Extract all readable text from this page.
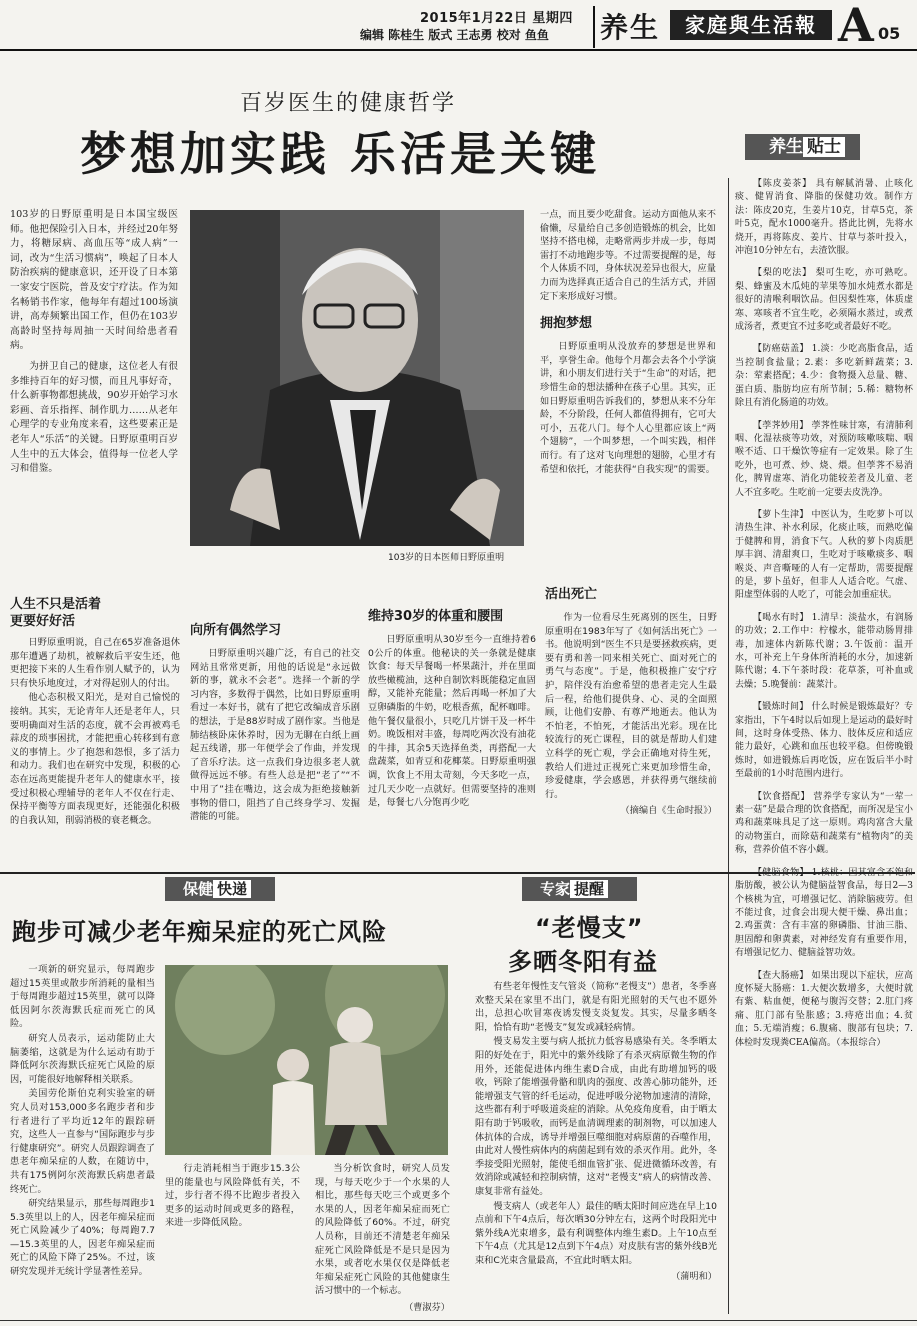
2015年1月22日 星期四
编辑 陈桂生 版式 王志勇 校对 鱼鱼 养生	家庭與生活報 A 05
百岁医生的健康哲学
梦想加实践 乐活是关键

103岁的日野原重明是日本国宝级医师。他把保险引入日本，并经过20年努力，将糖尿病、高血压等“成人病”一词，改为“生活习惯病”，唤起了日本人防治疾病的健康意识，还开设了日本第一家安宁医院，普及安宁疗法。作为知名畅销书作家，他每年有超过100场演讲，高寿频繁出国工作，但仍在103岁高龄时坚持每周抽一天时间给患者看病。

为拼卫自己的健康，这位老人有很多维持百年的好习惯，而且凡事好奇，什么新事物都想挑战，90岁开始学习水彩画、音乐指挥、制作肌力……从老年心理学的专业角度来看，这些要素正是老年人“乐活”的关键。日野原重明百岁人生中的五大体会，值得每一位老人学习和借鉴。

103岁的日本医师日野原重明
人生不只是活着
更要好好活

日野原重明说，自己在65岁准备退休那年遭遇了劫机，被解救后平安生还，他更把接下来的人生看作别人赋予的，认为只有快乐地度过，才对得起别人的付出。

他心态积极又阳光，是对自己愉悦的接纳。其实，无论青年人还是老年人，只要明确面对生活的态度，就不会再被鸡毛蒜皮的琐事困扰，才能把重心转移到有意义的事情上。少了抱怨和怨恨，多了活力和动力。我们也在研究中发现，积极的心态在远高更能提升老年人的健康水平，接受过积极心理辅导的老年人不仅在行走、保持平衡等方面表现更好，还能强化积极的自我认知，削弱消极的衰老概念。

向所有偶然学习

日野原重明兴趣广泛，有自己的社交网站且常常更新，用他的话说是“永远做新的事，就永不会老”。选择一个新的学习内容，多数得于偶然，比如日野原重明看过一本好书，就有了把它改编成音乐剧的想法，于是88岁时成了剧作家。当他是肺结核卧床休养时，因为无聊在白纸上画起五线谱，那一年便学会了作曲，并发现了音乐疗法。这一点我们身边很多老人就做得远远不够。有些人总是把“老了”“不中用了”挂在嘴边，这会成为拒绝接触新事物的借口，阻挡了自己终身学习、发掘潜能的可能。

维持30岁的体重和腰围

日野原重明从30岁至今一直维持着60公斤的体重。他秘诀的关一条就是健康饮食：每天早餐喝一杯果蔬汁，并在里面放些橄榄油，这种自制饮料既能稳定血固醇，又能补充能量；然后再喝一杯加了大豆卵磷脂的牛奶，吃根香蕉，配杯咖啡。他午餐仅量很小，只吃几片饼干及一杯牛奶。晚饭相对丰盛，每周吃两次没有油花的牛排，其余5天选择鱼类，再搭配一大盘蔬菜，如青豆和花椰菜。日野原重明强调，饮食上不用太苛刻，今天多吃一点，过几天少吃一点就好。但需要坚持的准则是，每餐七八分饱再少吃

一点，而且要少吃甜食。运动方面他从来不偷懒，尽量给自己多创造锻炼的机会，比如坚持不搭电梯，走略常两步并成一步，每周雷打不动地跑步等。不过需要提醒的是，每个人体质不同，身体状况差异也很大，应量力而为选择真正适合自己的生活方式，并固定下来形成好习惯。

拥抱梦想

日野原重明从没放弃的梦想是世界和平，享誉生命。他每个月都会去各个小学演讲，和小朋友们进行关于“生命”的对话，把珍惜生命的想法播种在孩子心里。其实，正如日野原重明告诉我们的，梦想从来不分年龄，不分阶段，任何人都值得拥有，它可大可小，五花八门。每个人心里都应该上“两个翅膀”，一个叫梦想，一个叫实践，相伴而行。有了这对飞向理想的翅膀，心里才有希望和依托，才能获得“自我实现”的需要。

活出死亡

作为一位看尽生死离别的医生，日野原重明在1983年写了《如何活出死亡》一书。他说明到“医生不只是要拯救疾病，更要有勇和善一同来相关死亡、面对死亡的勇气与态度”。于是，他积极推广安宁疗护，陪伴没有治愈希望的患者走完人生最后一程，给他们提供身、心、灵的全面照顾，让他们安静、有尊严地逝去。他认为不怕老，不怕死，才能活出光彩。现在比较流行的死亡课程，目的就是帮助人们建立科学的死亡观，学会正确地对待生死，教给人们进过正视死亡来更加珍惜生命，珍爱健康，学会感恩，并获得勇气继续前行。

（摘编自《生命时报》）
养生 贴士

【陈皮姜茶】 具有解腻消暑、止咳化痰、健胃消食、降脂的保健功效。制作方法：陈皮20克，生姜片10克，甘草5克，茶叶5克，配水1000毫升。搭此比例，先将水烧开，再将陈皮、姜片、甘草与茶叶投入，冲泡10分钟左右，去渣饮服。

【梨的吃法】 梨可生吃，亦可熟吃。梨、蜂蜜及木瓜炖的苹果等加水炖煮水都是很好的清喉利咽饮品。但因梨性寒，体质虚寒、寒咳者不宜生吃，必须隔水蒸过，或煮成汤者，煮更宜不过多吃或者最好不吃。

【防癌菇盖】 1.淡：少吃高脂食品，适当控制食盐量；2.素：多吃新鲜蔬菜；3.杂：荤素搭配；4.少：食物摄入总量、糖、蛋白质、脂肪均应有所节制；5.稀：糖物杯除且有消化肠道的功效。

【荸荠妙用】 荸荠性味甘寒，有清肺利咽、化湿祛痰等功效，对预防咳嗽咳喘、咽喉不适、口干燥饮等症有一定效果。除了生吃外，也可煮、炒、烧、煨。但荸荠不易消化，脾胃虚寒、消化功能较差者及儿童、老人不宜多吃。生吃前一定要去皮洗净。

【萝卜生津】 中医认为，生吃萝卜可以清热生津、补水利尿，化痰止咳，而熟吃偏于健脾和胃，消食下气。人秋的萝卜肉质肥厚丰润、清甜爽口，生吃对于咳嗽痰多、咽喉炎、声音嘶哑的人有一定帮助，需要提醒的是，萝卜虽好，但非人人适合吃。气虚、阳虚型体弱的人吃了，可能会加重症状。

【喝水有时】 1.清早：淡盐水，有润肠的功效；2.工作中：柠檬水，能带动肠胃排毒，加速体内新陈代谢；3.午饭前：温开水，可补充上午身体所消耗的水分，加速新陈代谢；4.下午茶时段：花草茶，可补血或去燥；5.晚餐前：蔬菜汁。

【锻炼时间】 什么时候是锻炼最好？专家指出，下午4时以后如现上是运动的最好时间，这时身体受热、体力、肢体反应和适应能力最好，心跳和血压也较平稳。但傍晚锻炼时，如进锻炼后再吃饭，应在饭后半小时至最前的1小时范围内进行。

【饮食搭配】 营养学专家认为“一荤一素一菇”是最合理的饮食搭配，而所况是宝小鸡和蔬菜味具足了这一原则。鸡肉富含大量的动物蛋白，而除菇和蔬菜有“植物肉”的美称，营养价值不容小觑。

【健脑食物】 1.核桃：因其富含不饱和脂肪酸，被公认为健脑益智食品，每日2—3个核桃为宜，可增强记忆、消除脑疲劳。但不能过食，过食会出现大便干燥、鼻出血；2.鸡蛋黄：含有丰富的卵磷脂、甘油三脂、胆固醇和卵黄素，对神经发育有重要作用，有增强记忆力、健脑益智功效。

【查大肠癌】 如果出现以下症状，应高度怀疑大肠癌：1.大便次数增多，大便时就有紫、粘血便，便秘与腹泻交替；2.肛门疼痛、肛门部有坠胀感；3.痔疮出血；4.贫血；5.无端消瘦；6.腹痛、腹部有包块；7.体检时发现粪CEA偏高。（本报综合）

保健 快递
跑步可减少老年痴呆症的死亡风险

一项新的研究显示，每周跑步超过15英里或散步所消耗的量相当于每周跑步超过15英里，就可以降低因阿尔茨海默氏症而死亡的风险。

研究人员表示，运动能防止大脑萎缩，这就是为什么运动有助于降低阿尔茨海默氏症死亡风险的原因，可能很好地解释相关联系。

美国劳伦斯伯克利实验室的研究人员对153,000多名跑步者和步行者进行了平均近12年的跟踪研究，这些人一直参与“国际跑步与步行健康研究”。研究人员跟踪调查了患老年痴呆症的人数，在随访中，共有175例阿尔茨海默氏病患者最终死亡。

研究结果显示，那些每周跑步15.3英里以上的人，因老年痴呆症而死亡风险减少了40%；每周跑7.7—15.3英里的人，因老年痴呆症而死亡的风险下降了25%。不过，该研究发现并无统计学显著性差异。

行走消耗相当于跑步15.3公里的能量也与风险降低有关，不过，步行者不得不比跑步者投入更多的运动时间或更多的路程，来进一步降低风险。

当分析饮食时，研究人员发现，与每天吃少于一个水果的人相比，那些每天吃三个或更多个水果的人，因老年痴呆症而死亡的风险降低了60%。不过，研究人员称，目前还不清楚老年痴呆症死亡风险降低是不是只是因为水果，或者吃水果仅仅是降低老年痴呆症死亡风险的其他健康生活习惯中的一个标志。

（曹淑芬）
专家 提醒
“老慢支”
多晒冬阳有益

有些老年慢性支气管炎（简称“老慢支”）患者，冬季喜欢整天呆在家里不出门，就是有阳光照射的天气也不愿外出，总担心吹冒寒夜诱发慢支炎复发。其实，尽量多晒冬阳，恰恰有助“老慢支”复发或减轻病情。

慢支易发主要与病人抵抗力低容易感染有关。冬季晒太阳的好处在于，阳光中的紫外线除了有杀灭病原微生物的作用外，还能促进体内维生素D合成，由此有助增加钙的吸收，钙除了能增强骨骼和肌肉的强度、改善心肺功能外，还能增强支气管的纤毛运动，促进呼吸分泌物加速清的清除，这些都有利于呼吸道炎症的消除。从免疫角度看，由于晒太阳有助于钙吸收，而钙是血清调理素的制剂物，可以加速人体抗体的合成，诱导并增强巨噬细胞对病原菌的吞噬作用，由此对人慢性病体内的病菌起到有效的杀灭作用。此外，冬季接受阳光照射，能使毛细血管扩张、促进微循环改善，有效消除或减轻和控制病情，这对“老慢支”病人的病情改善、康复非常有益处。

慢支病人（或老年人）最佳的晒太阳时间应选在早上10点前和下午4点后，每次晒30分钟左右，这两个时段阳光中紫外线A光束增多，最有利调整体内维生素D。上午10点至下午4点（尤其是12点到下午4点）对皮肤有害的紫外线B光束和C光束含量最高，不宜此时晒太阳。

（蒲明和）
